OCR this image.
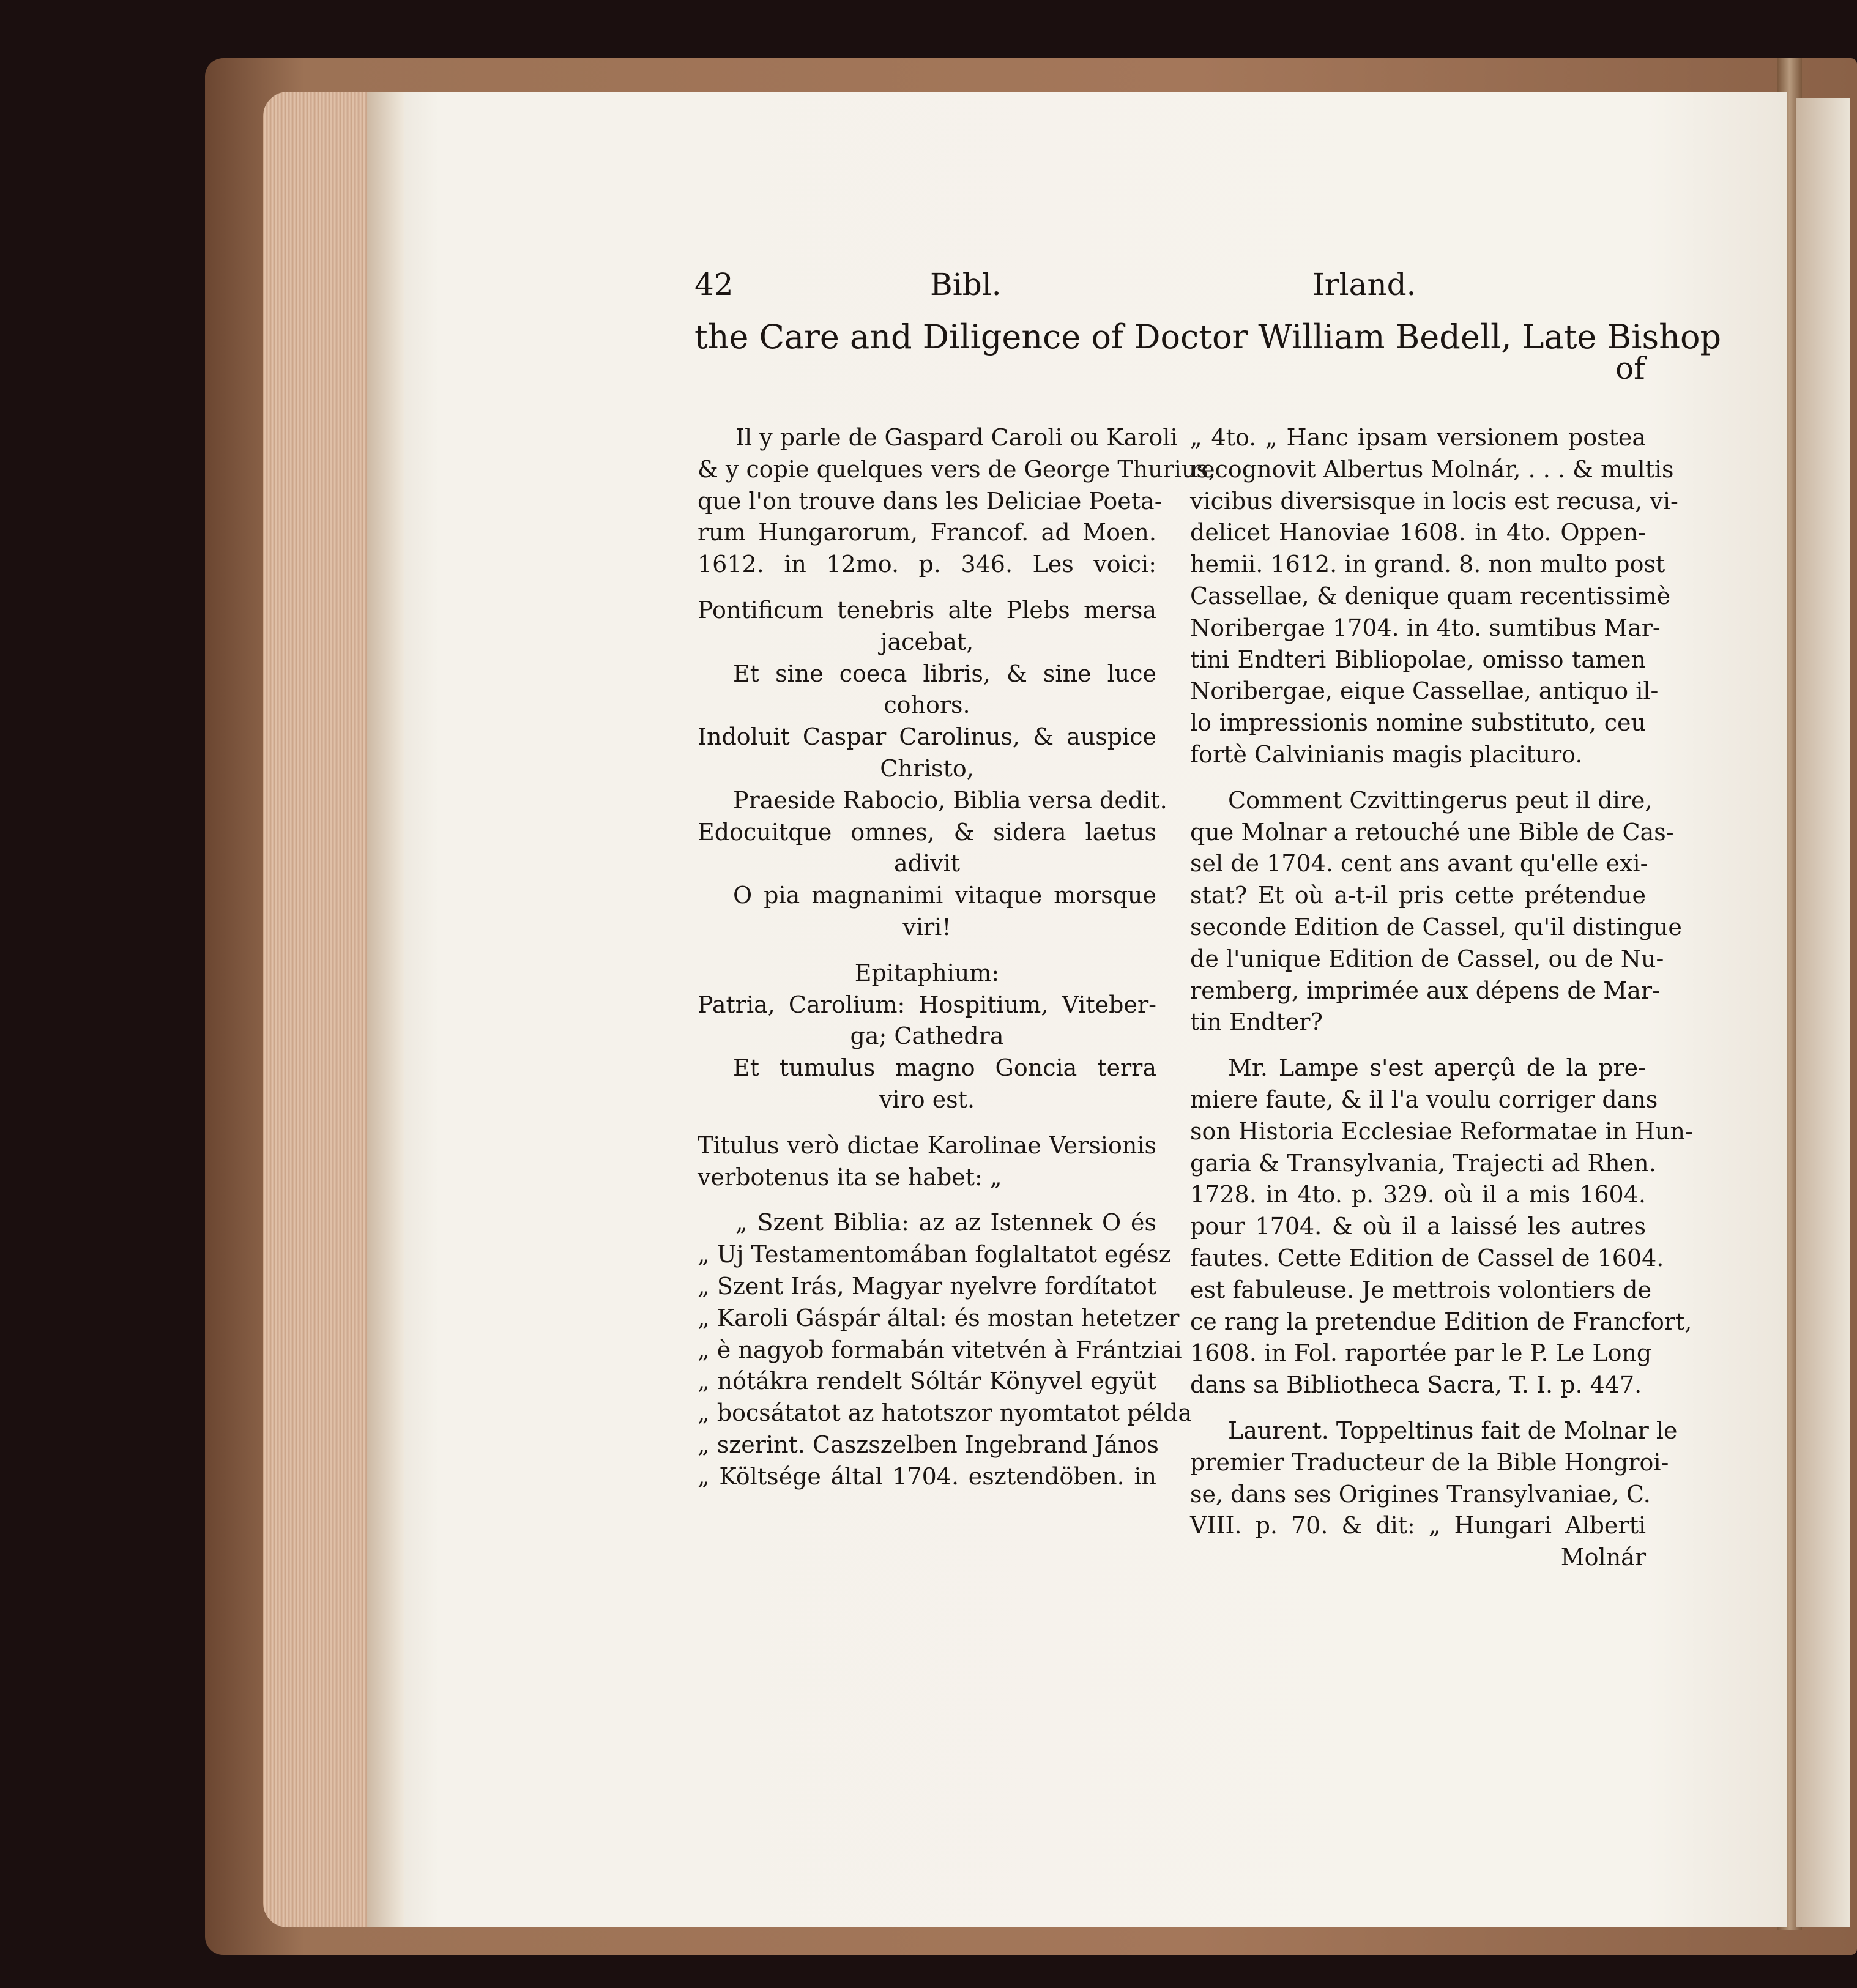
42	Bibl.	Irland.
the Care and Diligence of Doctor William Bedell, Late Bishop
of
Il y parle de Gaspard Caroli ou Karoli
& y copie quelques vers de George Thurius,
que l'on trouve dans les Deliciae Poeta-
rum Hungarorum, Francof. ad Moen.
1612. in 12mo. p. 346. Les voici:
Pontificum tenebris alte Plebs mersa
jacebat,
Et sine coeca libris, & sine luce
cohors.
Indoluit Caspar Carolinus, & auspice
Christo,
Praeside Rabocio, Biblia versa dedit.
Edocuitque omnes, & sidera laetus
adivit
O pia magnanimi vitaque morsque
viri!
Epitaphium:
Patria, Carolium: Hospitium, Viteber-
ga; Cathedra
Et tumulus magno Goncia terra
viro est.
Titulus verò dictae Karolinae Versionis
verbotenus ita se habet: „
„ Szent Biblia: az az Istennek O és
„ Uj Testamentomában foglaltatot egész
„ Szent Irás, Magyar nyelvre fordítatot
„ Karoli Gáspár által: és mostan hetetzer
„ è nagyob formabán vitetvén à Frántziai
„ nótákra rendelt Sóltár Könyvel együt
„ bocsátatot az hatotszor nyomtatot példa
„ szerint. Caszszelben Ingebrand János
„ Költsége által 1704. esztendöben. in
„ 4to. „ Hanc ipsam versionem postea
recognovit Albertus Molnár, . . . & multis
vicibus diversisque in locis est recusa, vi-
delicet Hanoviae 1608. in 4to. Oppen-
hemii. 1612. in grand. 8. non multo post
Cassellae, & denique quam recentissimè
Noribergae 1704. in 4to. sumtibus Mar-
tini Endteri Bibliopolae, omisso tamen
Noribergae, eique Cassellae, antiquo il-
lo impressionis nomine substituto, ceu
fortè Calvinianis magis placituro.
Comment Czvittingerus peut il dire,
que Molnar a retouché une Bible de Cas-
sel de 1704. cent ans avant qu'elle exi-
stat? Et où a-t-il pris cette prétendue
seconde Edition de Cassel, qu'il distingue
de l'unique Edition de Cassel, ou de Nu-
remberg, imprimée aux dépens de Mar-
tin Endter?
Mr. Lampe s'est aperçû de la pre-
miere faute, & il l'a voulu corriger dans
son Historia Ecclesiae Reformatae in Hun-
garia & Transylvania, Trajecti ad Rhen.
1728. in 4to. p. 329. où il a mis 1604.
pour 1704. & où il a laissé les autres
fautes. Cette Edition de Cassel de 1604.
est fabuleuse. Je mettrois volontiers de
ce rang la pretendue Edition de Francfort,
1608. in Fol. raportée par le P. Le Long
dans sa Bibliotheca Sacra, T. I. p. 447.
Laurent. Toppeltinus fait de Molnar le
premier Traducteur de la Bible Hongroi-
se, dans ses Origines Transylvaniae, C.
VIII. p. 70. & dit: „ Hungari Alberti
Molnár
